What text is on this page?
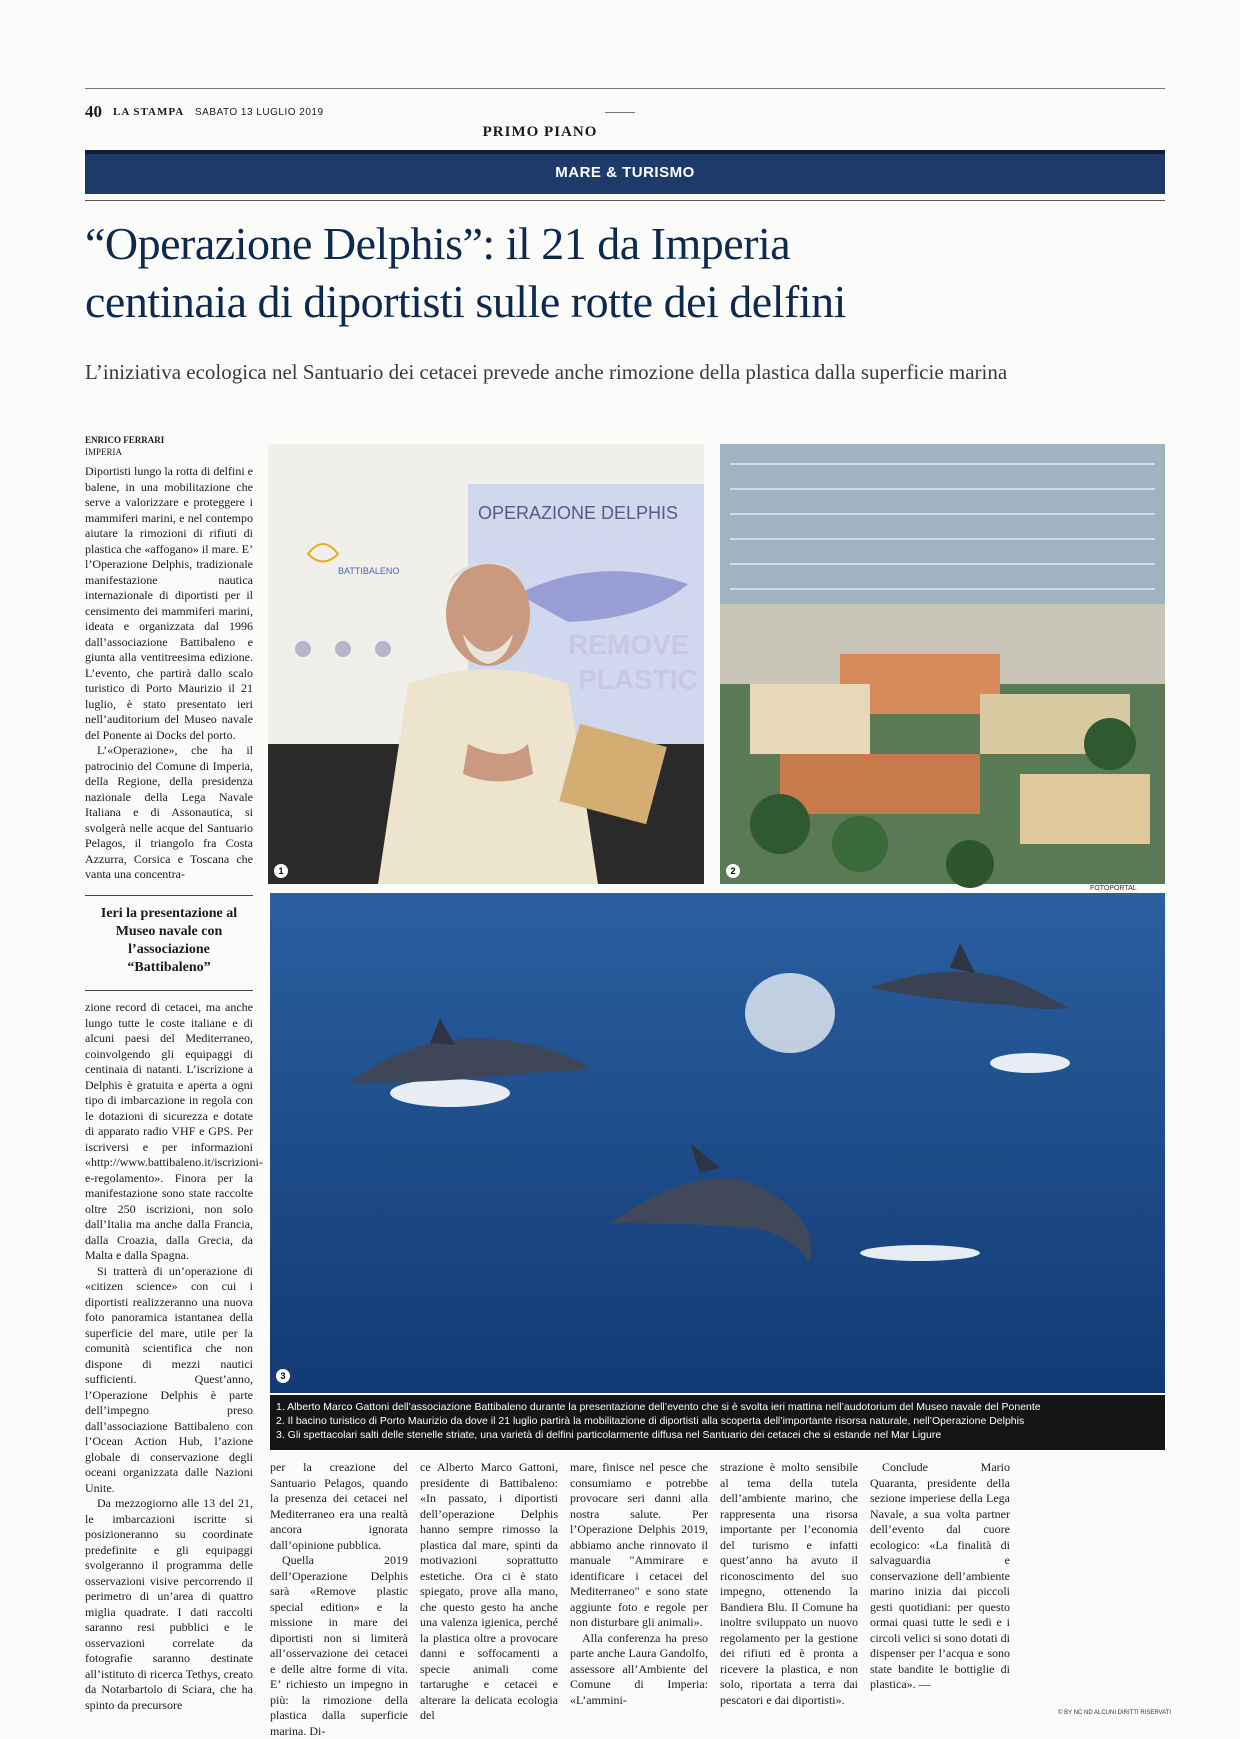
40 LA STAMPA SABATO 13 LUGLIO 2019
PRIMO PIANO
MARE & TURISMO
“Operazione Delphis”: il 21 da Imperia
centinaia di diportisti sulle rotte dei delfini
L’iniziativa ecologica nel Santuario dei cetacei prevede anche rimozione della plastica dalla superficie marina
ENRICO FERRARI
IMPERIA

Diportisti lungo la rotta di delfini e balene, in una mobilitazione che serve a valorizzare e proteggere i mammiferi marini, e nel contempo aiutare la rimozioni di rifiuti di plastica che «affogano» il mare. E’ l’Operazione Delphis, tradizionale manifestazione nautica internazionale di diportisti per il censimento dei mammiferi marini, ideata e organizzata dal 1996 dall’associazione Battibaleno e giunta alla ventitreesima edizione. L’evento, che partirà dallo scalo turistico di Porto Maurizio il 21 luglio, è stato presentato ieri nell’auditorium del Museo navale del Ponente ai Docks del porto.

L’«Operazione», che ha il patrocinio del Comune di Imperia, della Regione, della presidenza nazionale della Lega Navale Italiana e di Assonautica, si svolgerà nelle acque del Santuario Pelagos, il triangolo fra Costa Azzurra, Corsica e Toscana che vanta una concentra-

Ieri la presentazione al Museo navale con l’associazione “Battibaleno”

zione record di cetacei, ma anche lungo tutte le coste italiane e di alcuni paesi del Mediterraneo, coinvolgendo gli equipaggi di centinaia di natanti. L’iscrizione a Delphis è gratuita e aperta a ogni tipo di imbarcazione in regola con le dotazioni di sicurezza e dotate di apparato radio VHF e GPS. Per iscriversi e per informazioni «http://www.battibaleno.it/iscrizioni-e-regolamento». Finora per la manifestazione sono state raccolte oltre 250 iscrizioni, non solo dall’Italia ma anche dalla Francia, dalla Croazia, dalla Grecia, da Malta e dalla Spagna.

Si tratterà di un’operazione di «citizen science» con cui i diportisti realizzeranno una nuova foto panoramica istantanea della superficie del mare, utile per la comunità scientifica che non dispone di mezzi nautici sufficienti. Quest’anno, l’Operazione Delphis è parte dell’impegno preso dall’associazione Battibaleno con l’Ocean Action Hub, l’azione globale di conservazione degli oceani organizzata dalle Nazioni Unite.

Da mezzogiorno alle 13 del 21, le imbarcazioni iscritte si posizioneranno su coordinate predefinite e gli equipaggi svolgeranno il programma delle osservazioni visive percorrendo il perimetro di un’area di quattro miglia quadrate. I dati raccolti saranno resi pubblici e le osservazioni correlate da fotografie saranno destinate all’istituto di ricerca Tethys, creato da Notarbartolo di Sciara, che ha spinto da precursore

OPERAZIONE DELPHIS
REMOVE
PLASTIC
BATTIBALENO
1	2
FOTOPORTAL
3
1. Alberto Marco Gattoni dell’associazione Battibaleno durante la presentazione dell’evento che si è svolta ieri mattina nell’audotorium del Museo navale del Ponente
2. Il bacino turistico di Porto Maurizio da dove il 21 luglio partirà la mobilitazione di diportisti alla scoperta dell’importante risorsa naturale, nell’Operazione Delphis
3. Gli spettacolari salti delle stenelle striate, una varietà di delfini particolarmente diffusa nel Santuario dei cetacei che si estande nel Mar Ligure

per la creazione del Santuario Pelagos, quando la presenza dei cetacei nel Mediterraneo era una realtà ancora ignorata dall’opinione pubblica.

Quella 2019 dell’Operazione Delphis sarà «Remove plastic special edition» e la missione in mare dei diportisti non si limiterà all’osservazione dei cetacei e delle altre forme di vita. E’ richiesto un impegno in più: la rimozione della plastica dalla superficie marina. Di-

ce Alberto Marco Gattoni, presidente di Battibaleno: «In passato, i diportisti dell’operazione Delphis hanno sempre rimosso la plastica dal mare, spinti da motivazioni soprattutto estetiche. Ora ci è stato spiegato, prove alla mano, che questo gesto ha anche una valenza igienica, perché la plastica oltre a provocare danni e soffocamenti a specie animali come tartarughe e cetacei e alterare la delicata ecologia del

mare, finisce nel pesce che consumiamo e potrebbe provocare seri danni alla nostra salute. Per l’Operazione Delphis 2019, abbiamo anche rinnovato il manuale "Ammirare e identificare i cetacei del Mediterraneo" e sono state aggiunte foto e regole per non disturbare gli animali».

Alla conferenza ha preso parte anche Laura Gandolfo, assessore all’Ambiente del Comune di Imperia: «L’ammini-

strazione è molto sensibile al tema della tutela dell’ambiente marino, che rappresenta una risorsa importante per l’economia del turismo e infatti quest’anno ha avuto il riconoscimento del suo impegno, ottenendo la Bandiera Blu. Il Comune ha inoltre sviluppato un nuovo regolamento per la gestione dei rifiuti ed è pronta a ricevere la plastica, e non solo, riportata a terra dai pescatori e dai diportisti».

Conclude Mario Quaranta, presidente della sezione imperiese della Lega Navale, a sua volta partner dell’evento dal cuore ecologico: «La finalità di salvaguardia e conservazione dell’ambiente marino inizia dai piccoli gesti quotidiani: per questo ormai quasi tutte le sedi e i circoli velici si sono dotati di dispenser per l’acqua e sono state bandite le bottiglie di plastica». —

© BY NC ND ALCUNI DIRITTI RISERVATI
